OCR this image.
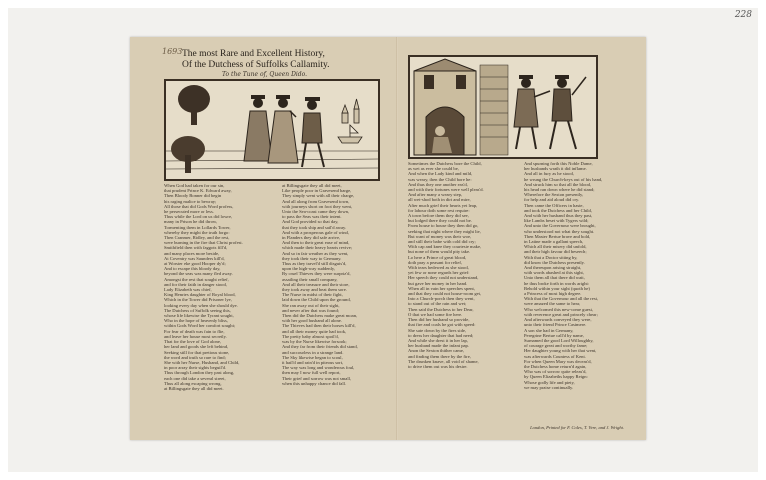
228
1693 The most Rare and Excellent History,
Of the Dutchess of Suffolks Callamity.
To the Tune of, Queen Dido.
When God had taken for our sin,
that prudent Prince K. Edward away,
Then Bloody Bonner did begin
his raging malice to bewray;
All those that did Gods Word profess,
he persecuted more or less.
Thus while the Lord on us did lowre,
many in Prison he did throw,
Tormenting them in Lollards Tower,
whereby they might the truth forgo:
Then Cranmer, Ridley, and the rest,
were burning in the fire that Christ profest.
Smithfield then with faggots fill'd,
and many places more beside,
At Coventry was Saunders kill'd,
at Worster eke good Hooper dy'd;
And to escape this bloody day,
beyond the seas was many fled away.
Amongst the rest that sought relief,
and for their faith in danger stood,
Lady Elizabeth was chief,
King Henries daughter of Royal blood,
Which in the Tower did Prisoner lye,
looking every day when she should dye.
The Dutchess of Suffolk seeing this,
whose life likewise the Tyrant sought,
Who in the hope of heavenly bliss,
within Gods Word her comfort sought;
For fear of death was fain to flie,
and leave her house most secretly.
That for the love of God alone,
her land and goods she left behind,
Seeking still for that pretious stone,
the word and truth so rare to find;
She with her Nurse, Husband, and Child,
in poor array their sights beguil'd.
Thus through London they past along,
each one did take a several street,
Thus all along escaping wrong,
at Billingsgate they all did meet.
at Billingsgate they all did meet,
Like people poor in Gravesend barge,
They simply went with all their charge,
And all along from Gravesend town,
with journeys short on foot they went,
Unto the Sea-coast came they down,
to pass the Seas was their intent.
And God provided so that day,
that they took ship and sail'd away.
And with a prosperous gale of wind,
in Flanders they did safe arrive,
And then to their great ease of mind,
which made their heavy hearts revive;
And so in fair weather as they went,
they took their way to Germany.
Thus as they travel'd still disguis'd,
upon the high-way suddenly,
By cruel Thieves they were surpriz'd,
assailing their small company,
And all their treasure and their store,
they took away and beat them sore.
The Nurse in midst of their fight,
laid down the Child upon the ground,
She ran away out of their sight,
and never after that was found;
Then did the Dutchess make great moan,
with her good husband all alone.
The Thieves had then their horses kill'd,
and all their money quite had took,
The pretty baby almost spoil'd,
was by the Nurse likewise forsook;
And they far from their friends did stand,
and succourless in a strange land.
The Sky likewise began to scoul,
it hail'd and rain'd in piteous sort,
The way was long and wonderous foul,
then may I now full well report,
Their grief and sorrow was not small,
when this unhappy chance did fall.
Sometimes the Dutchess bore the Child,
as wet as ever she could be,
And when the Lady kind and mild,
was weary, then the Child bore he:
And thus they one another eas'd,
and with their fortunes were well pleas'd.
And after many a weary step,
all wet-shod both in dirt and mire,
After much grief their hearts yet leap,
for labour doth some rest require:
A town before them they did see,
but lodged there they could not be.
From house to house they then did go,
seeking that night where they might lie,
But want of money was their woe,
and still their babe with cold did cry;
With cap and knee they courtesie make,
but none of them would pity take.
Lo here a Prince of great blood,
doth pray a peasant for relief,
With tears bedewed as she stood,
yet few or none regards her grief:
Her speech they could not understand,
but gave her money in her hand.
When all in vain her speeches spent,
and that they could not house-room get,
Into a Church-porch then they went,
to stand out of the rain and wet;
Then said the Dutchess to her Dear,
O that we had some fire here.
Then did her husband so provide,
that fire and coals he got with speed:
She sate down by the fires side,
to dress her daughter that had need;
And while she drest it in her lap,
her husband made the infant pap.
Anon the Sexton thither came,
and finding them there by the fire,
The drunken knave, all void of shame,
to drive them out was his desire.
And spurning forth this Noble Dame,
her husbands wrath it did inflame.
And all in fury as he stood,
he wrung the Church-keys out of his hand,
And struck him so that all the blood,
his head ran down where he did stand;
Wherefore the Sexton presently,
for help and aid aloud did cry.
Then came the Officers in haste,
and took the Dutchess and her Child,
And with her husband thus they past,
like Lambs beset with Tygers wild;
And unto the Governour were brought,
who understood not what they sought.
Then Master Bertue brave and bold,
in Latine made a gallant speech,
Which all their misery did unfold,
and their high favour did beseech;
With that a Doctor sitting by,
did know the Dutchess presently.
And thereupon arising straight,
with words abashed at this sight,
Unto them all that there did wait,
he thus broke forth in words aright:
Behold within your sight (quoth he)
a Princess of most high degree.
With that the Governour and all the rest,
were amazed the same to hear,
Who welcomed this new-come guest,
with reverence great and princely chear;
And afterwards conveyed they were,
unto their friend Prince Casimere.
A son she had in Germany,
Peregrine Bertue call'd by name,
Surnamed the good Lord Willoughby,
of courage great and worthy fame;
Her daughter young with her that went,
was afterwards Countess of Kent.
For when Queen Mary was deceas'd,
the Dutchess home return'd again,
Who was of sorrow quite releas'd,
by Queen Elizabeths happy Reign:
Whose godly life and piety,
we may praise continually.
London, Printed for F. Coles, T. Vere, and J. Wright.
